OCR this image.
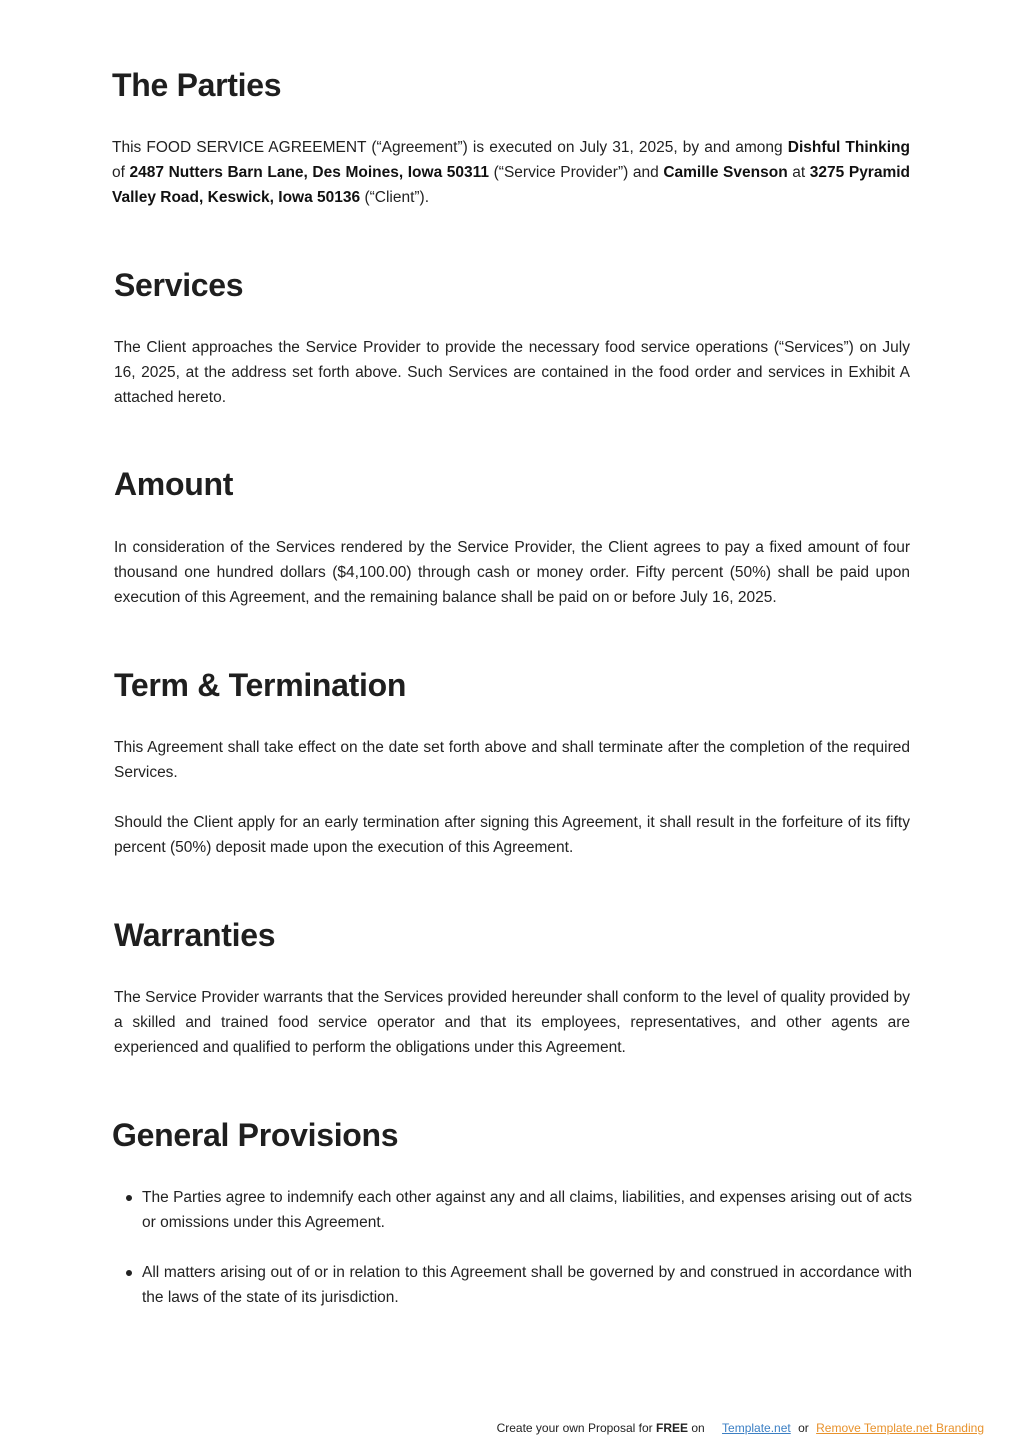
The Parties

This FOOD SERVICE AGREEMENT (“Agreement”) is executed on July 31, 2025, by and among Dishful Thinking of 2487 Nutters Barn Lane, Des Moines, Iowa 50311 (“Service Provider”) and Camille Svenson at 3275 Pyramid Valley Road, Keswick, Iowa 50136 (“Client”).

Services

The Client approaches the Service Provider to provide the necessary food service operations (“Services”) on July 16, 2025, at the address set forth above. Such Services are contained in the food order and services in Exhibit A attached hereto.

Amount

In consideration of the Services rendered by the Service Provider, the Client agrees to pay a fixed amount of four thousand one hundred dollars ($4,100.00) through cash or money order. Fifty percent (50%) shall be paid upon execution of this Agreement, and the remaining balance shall be paid on or before July 16, 2025.

Term & Termination

This Agreement shall take effect on the date set forth above and shall terminate after the completion of the required Services.

Should the Client apply for an early termination after signing this Agreement, it shall result in the forfeiture of its fifty percent (50%) deposit made upon the execution of this Agreement.

Warranties

The Service Provider warrants that the Services provided hereunder shall conform to the level of quality provided by a skilled and trained food service operator and that its employees, representatives, and other agents are experienced and qualified to perform the obligations under this Agreement.

General Provisions
The Parties agree to indemnify each other against any and all claims, liabilities, and expenses arising out of acts or omissions under this Agreement.
All matters arising out of or in relation to this Agreement shall be governed by and construed in accordance with the laws of the state of its jurisdiction.
Create your own Proposal for FREE on Template.net or Remove Template.net Branding
